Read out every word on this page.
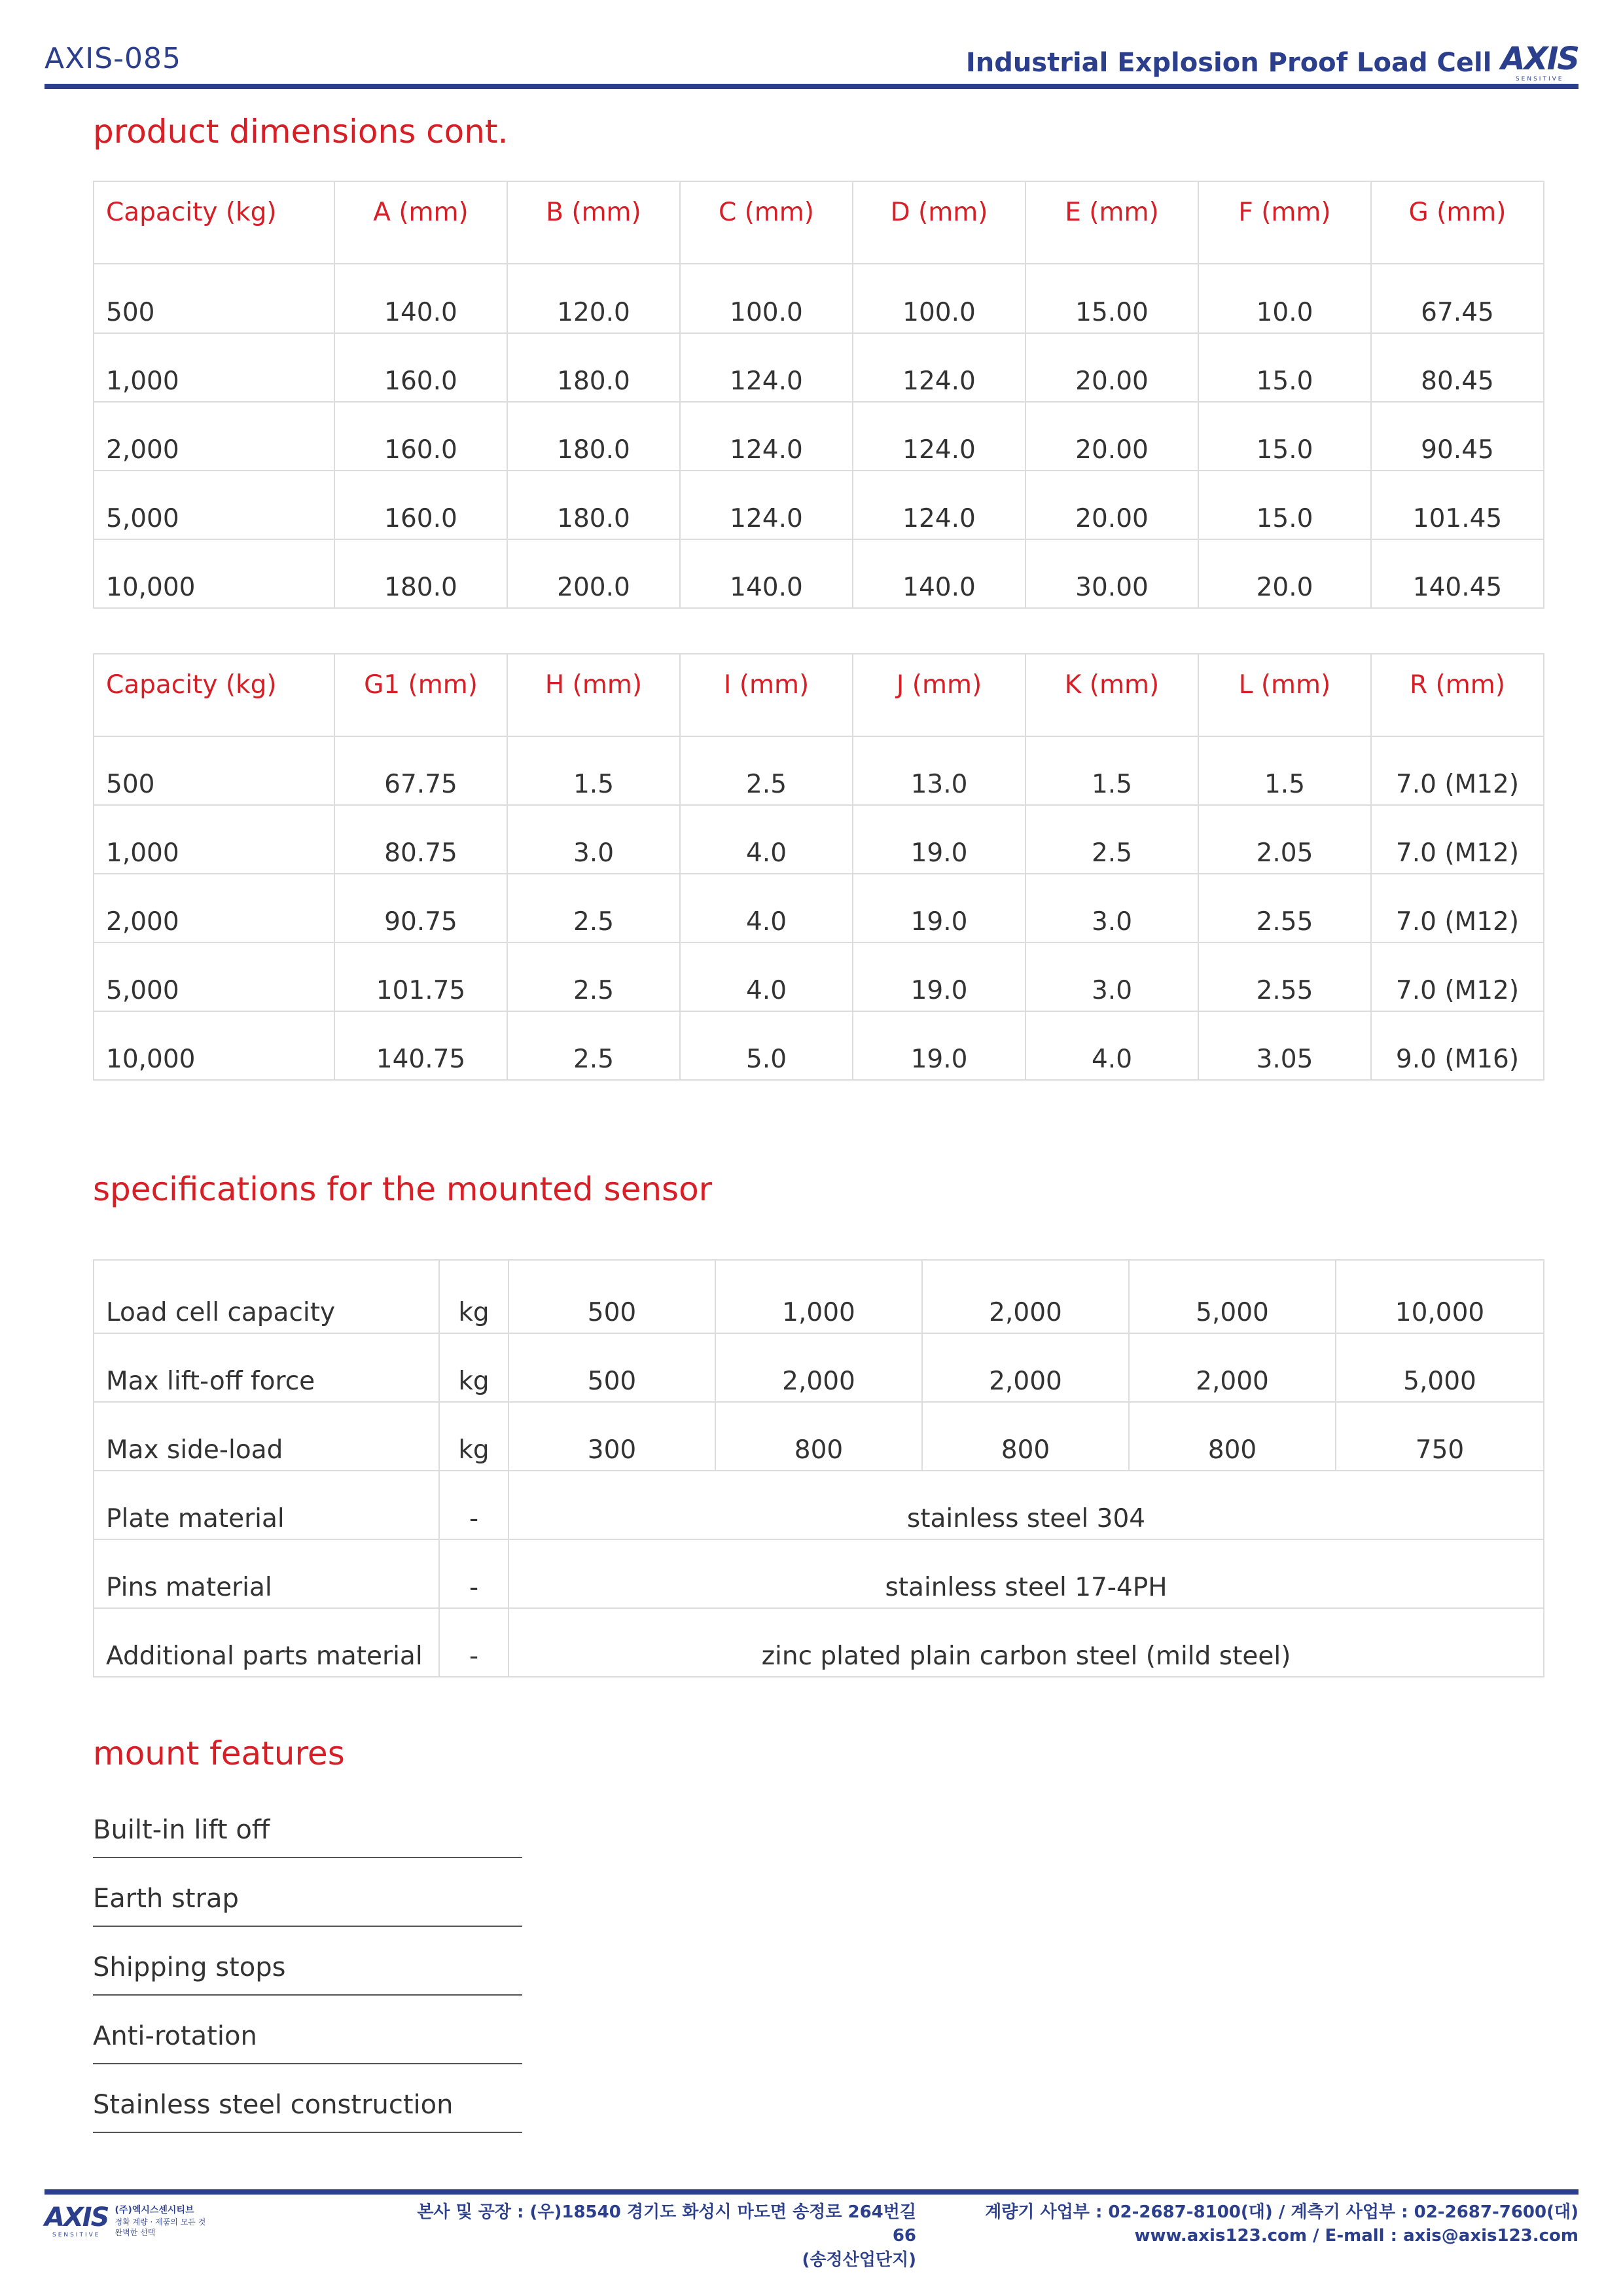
AXIS-085	Industrial Explosion Proof Load Cell AXIS
SENSITIVE
product dimensions cont.
Capacity (kg)	A (mm)	B (mm)	C (mm)	D (mm)	E (mm)	F (mm)	G (mm)
500	140.0	120.0	100.0	100.0	15.00	10.0	67.45
1,000	160.0	180.0	124.0	124.0	20.00	15.0	80.45
2,000	160.0	180.0	124.0	124.0	20.00	15.0	90.45
5,000	160.0	180.0	124.0	124.0	20.00	15.0	101.45
10,000	180.0	200.0	140.0	140.0	30.00	20.0	140.45
Capacity (kg)	G1 (mm)	H (mm)	I (mm)	J (mm)	K (mm)	L (mm)	R (mm)
500	67.75	1.5	2.5	13.0	1.5	1.5	7.0 (M12)
1,000	80.75	3.0	4.0	19.0	2.5	2.05	7.0 (M12)
2,000	90.75	2.5	4.0	19.0	3.0	2.55	7.0 (M12)
5,000	101.75	2.5	4.0	19.0	3.0	2.55	7.0 (M12)
10,000	140.75	2.5	5.0	19.0	4.0	3.05	9.0 (M16)
specifications for the mounted sensor
Load cell capacity	kg	500	1,000	2,000	5,000	10,000
Max lift-off force	kg	500	2,000	2,000	2,000	5,000
Max side-load	kg	300	800	800	800	750
Plate material	-	stainless steel 304				
Pins material	-	stainless steel 17-4PH				
Additional parts material	-	zinc plated plain carbon steel (mild steel)				
mount features
Built-in lift off
Earth strap
Shipping stops
Anti-rotation
Stainless steel construction
AXIS
SENSITIVE
(주)엑시스센시티브
정확 계량 · 제품의 모든 것
완벽한 선택
본사 및 공장 : (우)18540 경기도 화성시 마도면 송정로 264번길 66
(송정산업단지)
계량기 사업부 : 02-2687-8100(대) / 계측기 사업부 : 02-2687-7600(대)
www.axis123.com / E-mall : axis@axis123.com
